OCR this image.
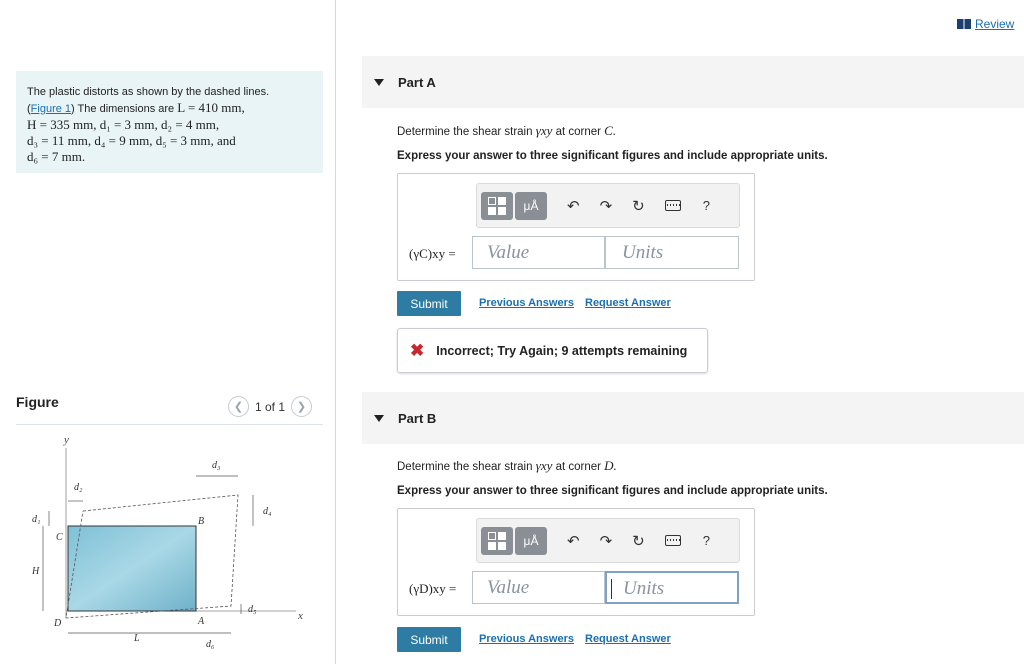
The plastic distorts as shown by the dashed lines.
(Figure 1) The dimensions are L = 410 mm,
H = 335 mm, d₁ = 3 mm, d₂ = 4 mm,
d₃ = 11 mm, d₄ = 9 mm, d₅ = 3 mm, and
d₆ = 7 mm.
Figure	❮ 1 of 1	❯
y
x
B
C
D	A
d₂
d₃
d₁
d₄
H
d₅
L
d₆
Review
Part A
Determine the shear strain γxy at corner C.
Express your answer to three significant figures and include appropriate units.
μÅ	↶ ↷ ↻	?
(γC)xy =	Value	Units
Submit	Previous Answers Request Answer
✖ Incorrect; Try Again; 9 attempts remaining
Part B
Determine the shear strain γxy at corner D.
Express your answer to three significant figures and include appropriate units.
μÅ	↶ ↷ ↻	?
(γD)xy =	Value	Units
Submit	Previous Answers Request Answer
